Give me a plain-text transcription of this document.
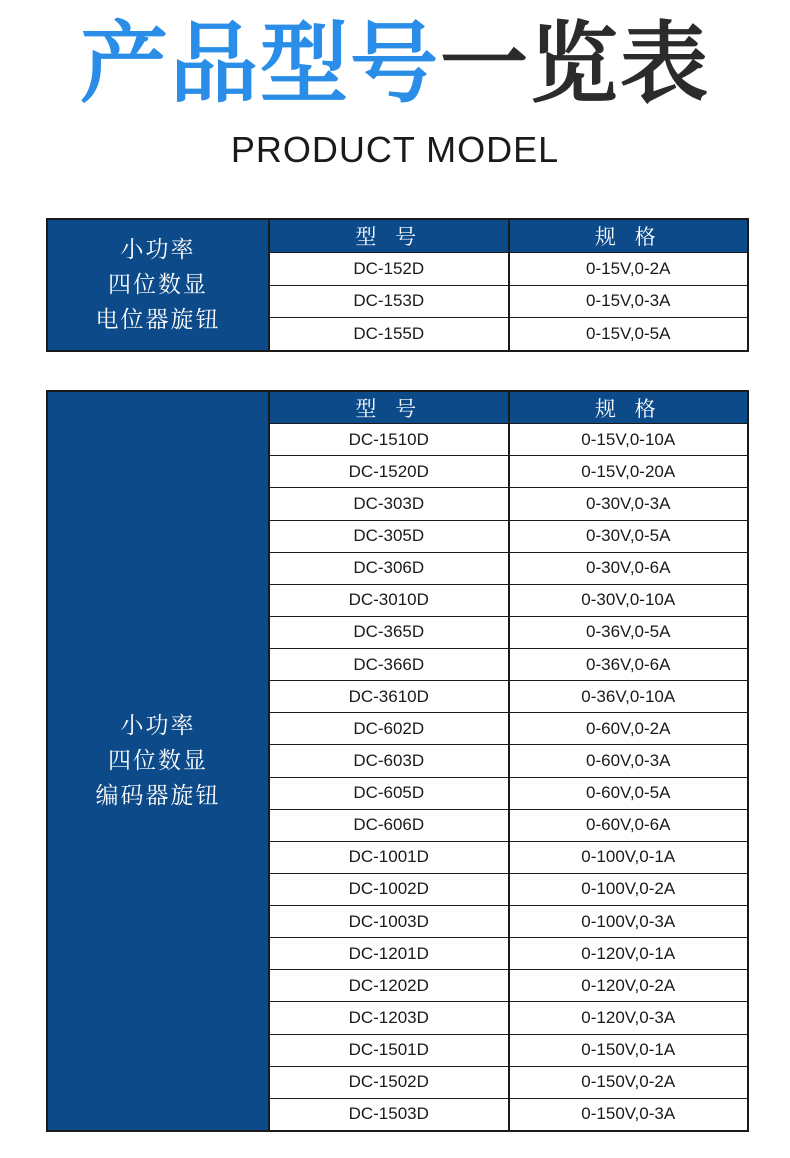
产品型号一览表
PRODUCT MODEL
小功率
四位数显
电位器旋钮
型 号	规 格
DC-152D	0-15V,0-2A
DC-153D	0-15V,0-3A
DC-155D	0-15V,0-5A
小功率
四位数显
编码器旋钮
型 号	规 格
DC-1510D	0-15V,0-10A
DC-1520D	0-15V,0-20A
DC-303D	0-30V,0-3A
DC-305D	0-30V,0-5A
DC-306D	0-30V,0-6A
DC-3010D	0-30V,0-10A
DC-365D	0-36V,0-5A
DC-366D	0-36V,0-6A
DC-3610D	0-36V,0-10A
DC-602D	0-60V,0-2A
DC-603D	0-60V,0-3A
DC-605D	0-60V,0-5A
DC-606D	0-60V,0-6A
DC-1001D	0-100V,0-1A
DC-1002D	0-100V,0-2A
DC-1003D	0-100V,0-3A
DC-1201D	0-120V,0-1A
DC-1202D	0-120V,0-2A
DC-1203D	0-120V,0-3A
DC-1501D	0-150V,0-1A
DC-1502D	0-150V,0-2A
DC-1503D	0-150V,0-3A
